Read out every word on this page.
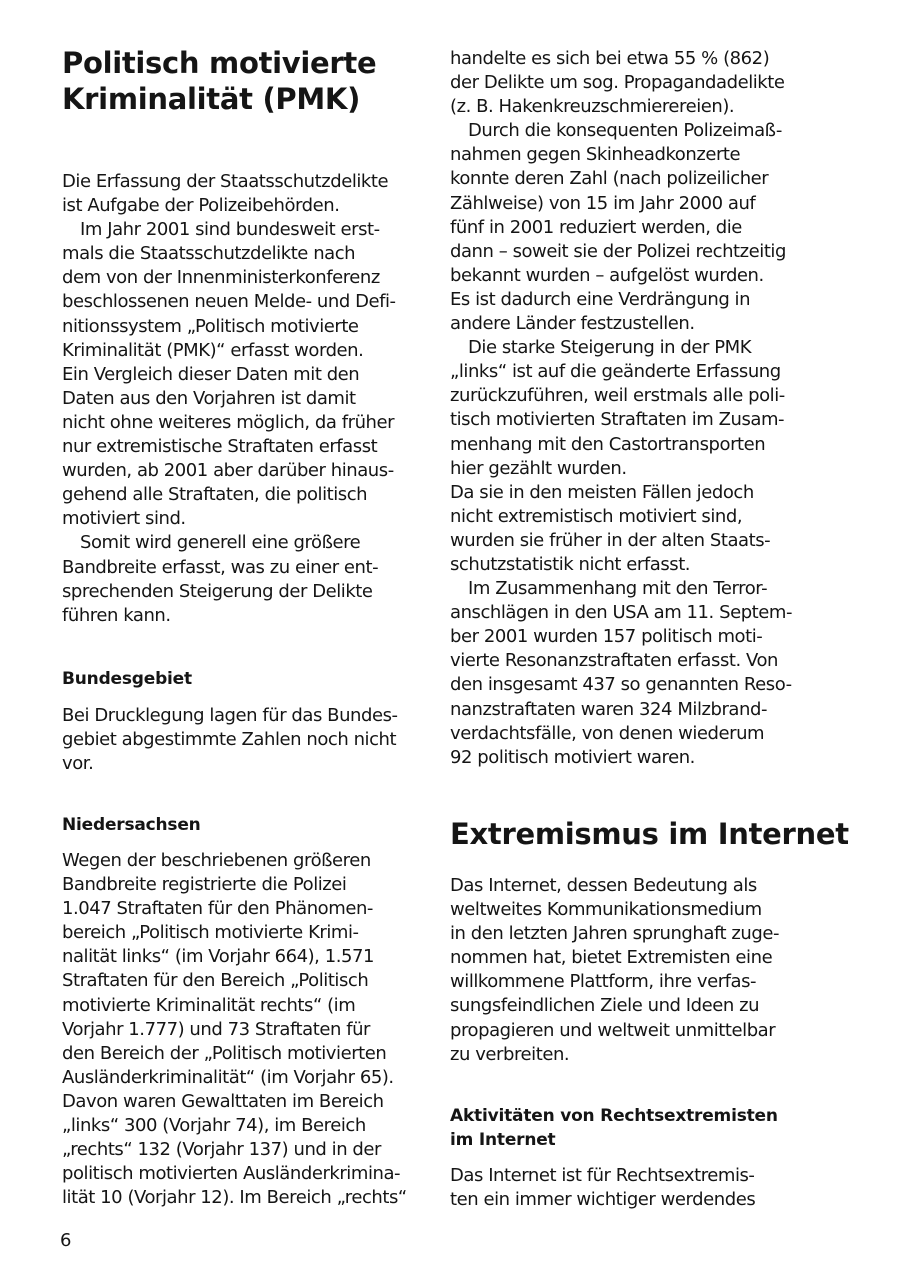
Politisch motivierte
Kriminalität (PMK)
Die Erfassung der Staatsschutzdelikte
ist Aufgabe der Polizeibehörden.
Im Jahr 2001 sind bundesweit erst-
mals die Staatsschutzdelikte nach
dem von der Innenministerkonferenz
beschlossenen neuen Melde- und Defi-
nitionssystem „Politisch motivierte
Kriminalität (PMK)“ erfasst worden.
Ein Vergleich dieser Daten mit den
Daten aus den Vorjahren ist damit
nicht ohne weiteres möglich, da früher
nur extremistische Straftaten erfasst
wurden, ab 2001 aber darüber hinaus-
gehend alle Straftaten, die politisch
motiviert sind.
Somit wird generell eine größere
Bandbreite erfasst, was zu einer ent-
sprechenden Steigerung der Delikte
führen kann.
Bundesgebiet
Bei Drucklegung lagen für das Bundes-
gebiet abgestimmte Zahlen noch nicht
vor.
Niedersachsen
Wegen der beschriebenen größeren
Bandbreite registrierte die Polizei
1.047 Straftaten für den Phänomen-
bereich „Politisch motivierte Krimi-
nalität links“ (im Vorjahr 664), 1.571
Straftaten für den Bereich „Politisch
motivierte Kriminalität rechts“ (im
Vorjahr 1.777) und 73 Straftaten für
den Bereich der „Politisch motivierten
Ausländerkriminalität“ (im Vorjahr 65).
Davon waren Gewalttaten im Bereich
„links“ 300 (Vorjahr 74), im Bereich
„rechts“ 132 (Vorjahr 137) und in der
politisch motivierten Ausländerkrimina-
lität 10 (Vorjahr 12). Im Bereich „rechts“
handelte es sich bei etwa 55 % (862)
der Delikte um sog. Propagandadelikte
(z. B. Hakenkreuzschmierereien).
Durch die konsequenten Polizeimaß-
nahmen gegen Skinheadkonzerte
konnte deren Zahl (nach polizeilicher
Zählweise) von 15 im Jahr 2000 auf
fünf in 2001 reduziert werden, die
dann – soweit sie der Polizei rechtzeitig
bekannt wurden – aufgelöst wurden.
Es ist dadurch eine Verdrängung in
andere Länder festzustellen.
Die starke Steigerung in der PMK
„links“ ist auf die geänderte Erfassung
zurückzuführen, weil erstmals alle poli-
tisch motivierten Straftaten im Zusam-
menhang mit den Castortransporten
hier gezählt wurden.
Da sie in den meisten Fällen jedoch
nicht extremistisch motiviert sind,
wurden sie früher in der alten Staats-
schutzstatistik nicht erfasst.
Im Zusammenhang mit den Terror-
anschlägen in den USA am 11. Septem-
ber 2001 wurden 157 politisch moti-
vierte Resonanzstraftaten erfasst. Von
den insgesamt 437 so genannten Reso-
nanzstraftaten waren 324 Milzbrand-
verdachtsfälle, von denen wiederum
92 politisch motiviert waren.
Extremismus im Internet
Das Internet, dessen Bedeutung als
weltweites Kommunikationsmedium
in den letzten Jahren sprunghaft zuge-
nommen hat, bietet Extremisten eine
willkommene Plattform, ihre verfas-
sungsfeindlichen Ziele und Ideen zu
propagieren und weltweit unmittelbar
zu verbreiten.
Aktivitäten von Rechtsextremisten
im Internet
Das Internet ist für Rechtsextremis-
ten ein immer wichtiger werdendes
6
